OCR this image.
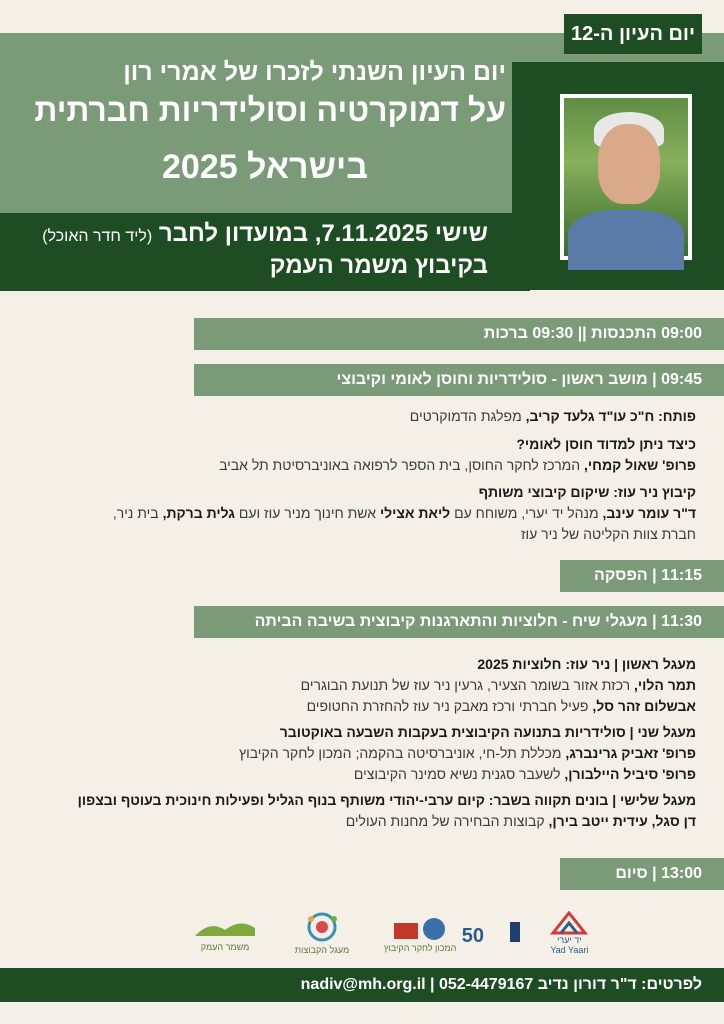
יום העיון ה-12
יום העיון השנתי לזכרו של אמרי רון
על דמוקרטיה וסולידריות חברתית
בישראל 2025
שישי 7.11.2025, במועדון לחבר (ליד חדר האוכל)
בקיבוץ משמר העמק
09:00 התכנסות || 09:30 ברכות
09:45 | מושב ראשון - סולידריות וחוסן לאומי וקיבוצי
פותח: ח"כ עו"ד גלעד קריב, מפלגת הדמוקרטים
כיצד ניתן למדוד חוסן לאומי?
פרופ' שאול קמחי, המרכז לחקר החוסן, בית הספר לרפואה באוניברסיטת תל אביב
קיבוץ ניר עוז: שיקום קיבוצי משותף
ד"ר עומר עינב, מנהל יד יערי, משוחח עם ליאת אצילי אשת חינוך מניר עוז ועם גלית ברקת, בית ניר,
חברת צוות הקליטה של ניר עוז
11:15 | הפסקה
11:30 | מעגלי שיח - חלוציות והתארגנות קיבוצית בשיבה הביתה
מעגל ראשון | ניר עוז: חלוציות 2025
תמר הלוי, רכזת אזור בשומר הצעיר, גרעין ניר עוז של תנועת הבוגרים
אבשלום זהר סל, פעיל חברתי ורכז מאבק ניר עוז להחזרת החטופים
מעגל שני | סולידריות בתנועה הקיבוצית בעקבות השבעה באוקטובר
פרופ' זאביק גרינברג, מכללת תל-חי, אוניברסיטה בהקמה; המכון לחקר הקיבוץ
פרופ' סיביל היילבורן, לשעבר סגנית נשיא סמינר הקיבוצים
מעגל שלישי | בונים תקווה בשבר: קיום ערבי-יהודי משותף בנוף הגליל ופעילות חינוכית בעוטף ובצפון
דן סגל, עידית ייטב בירן, קבוצות הבחירה של מחנות העולים
13:00 | סיום
משמר העמק	מעגל הקבוצות	המכון לחקר הקיבוץ
50	יד יערי
Yad Yaari
לפרטים: ד"ר דורון נדיב 052-4479167 | nadiv@mh.org.il
